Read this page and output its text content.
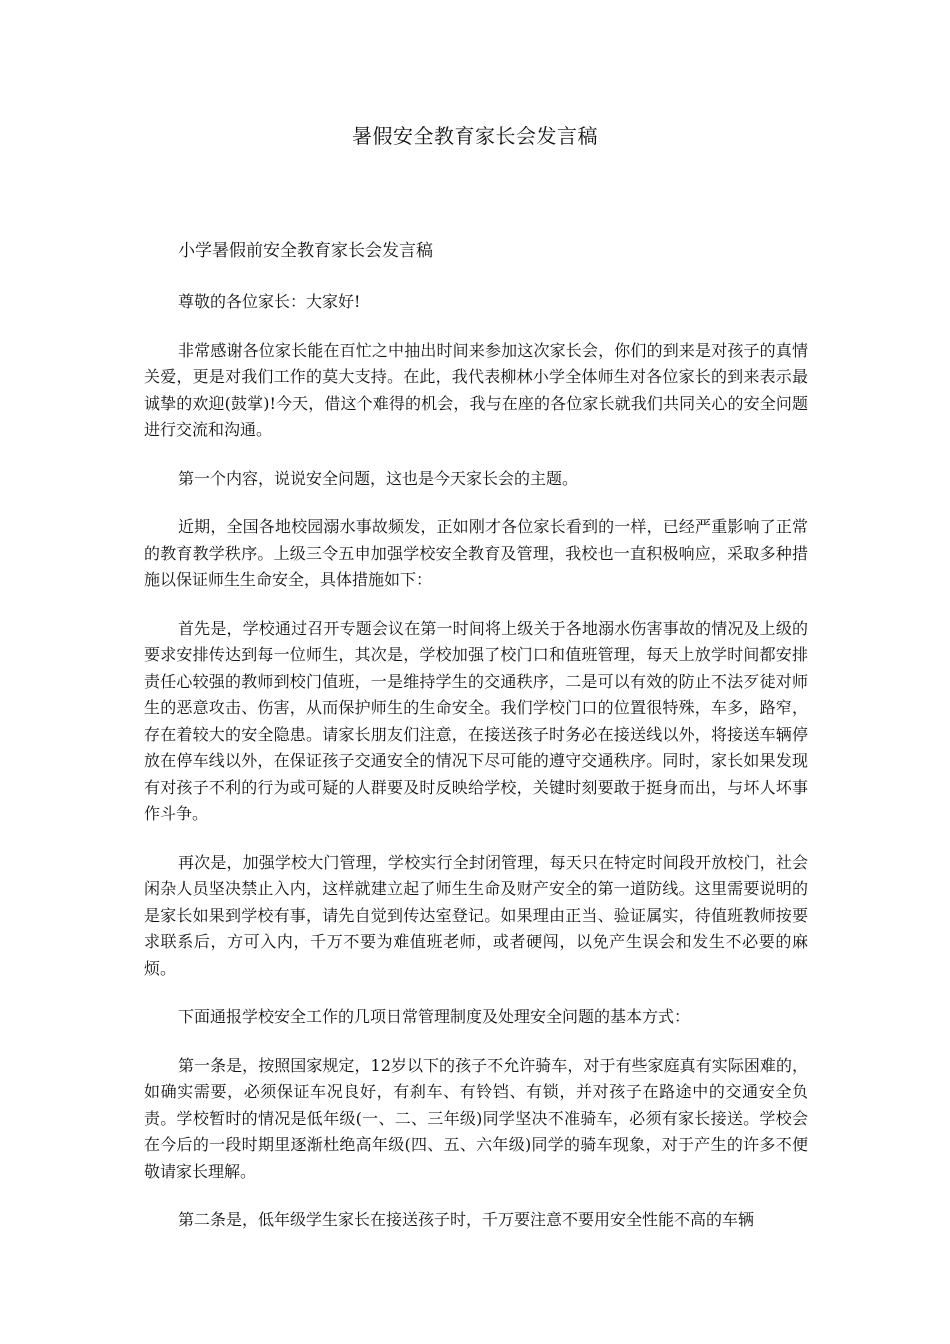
暑假安全教育家长会发言稿
小学暑假前安全教育家长会发言稿

尊敬的各位家长：大家好!

非常感谢各位家长能在百忙之中抽出时间来参加这次家长会，你们的到来是对孩子的真情关爱，更是对我们工作的莫大支持。在此，我代表柳林小学全体师生对各位家长的到来表示最诚挚的欢迎(鼓掌)!今天，借这个难得的机会，我与在座的各位家长就我们共同关心的安全问题进行交流和沟通。

第一个内容，说说安全问题，这也是今天家长会的主题。

近期，全国各地校园溺水事故频发，正如刚才各位家长看到的一样，已经严重影响了正常的教育教学秩序。上级三令五申加强学校安全教育及管理，我校也一直积极响应，采取多种措施以保证师生生命安全，具体措施如下：

首先是，学校通过召开专题会议在第一时间将上级关于各地溺水伤害事故的情况及上级的要求安排传达到每一位师生，其次是，学校加强了校门口和值班管理，每天上放学时间都安排责任心较强的教师到校门值班，一是维持学生的交通秩序，二是可以有效的防止不法歹徒对师生的恶意攻击、伤害，从而保护师生的生命安全。我们学校门口的位置很特殊，车多，路窄，存在着较大的安全隐患。请家长朋友们注意，在接送孩子时务必在接送线以外，将接送车辆停放在停车线以外，在保证孩子交通安全的情况下尽可能的遵守交通秩序。同时，家长如果发现有对孩子不利的行为或可疑的人群要及时反映给学校，关键时刻要敢于挺身而出，与坏人坏事作斗争。

再次是，加强学校大门管理，学校实行全封闭管理，每天只在特定时间段开放校门，社会闲杂人员坚决禁止入内，这样就建立起了师生生命及财产安全的第一道防线。这里需要说明的是家长如果到学校有事，请先自觉到传达室登记。如果理由正当、验证属实，待值班教师按要求联系后，方可入内，千万不要为难值班老师，或者硬闯，以免产生误会和发生不必要的麻烦。

下面通报学校安全工作的几项日常管理制度及处理安全问题的基本方式：

第一条是，按照国家规定，12岁以下的孩子不允许骑车，对于有些家庭真有实际困难的，如确实需要，必须保证车况良好，有刹车、有铃铛、有锁，并对孩子在路途中的交通安全负责。学校暂时的情况是低年级(一、二、三年级)同学坚决不准骑车，必须有家长接送。学校会在今后的一段时期里逐渐杜绝高年级(四、五、六年级)同学的骑车现象，对于产生的许多不便敬请家长理解。

第二条是，低年级学生家长在接送孩子时，千万要注意不要用安全性能不高的车辆
